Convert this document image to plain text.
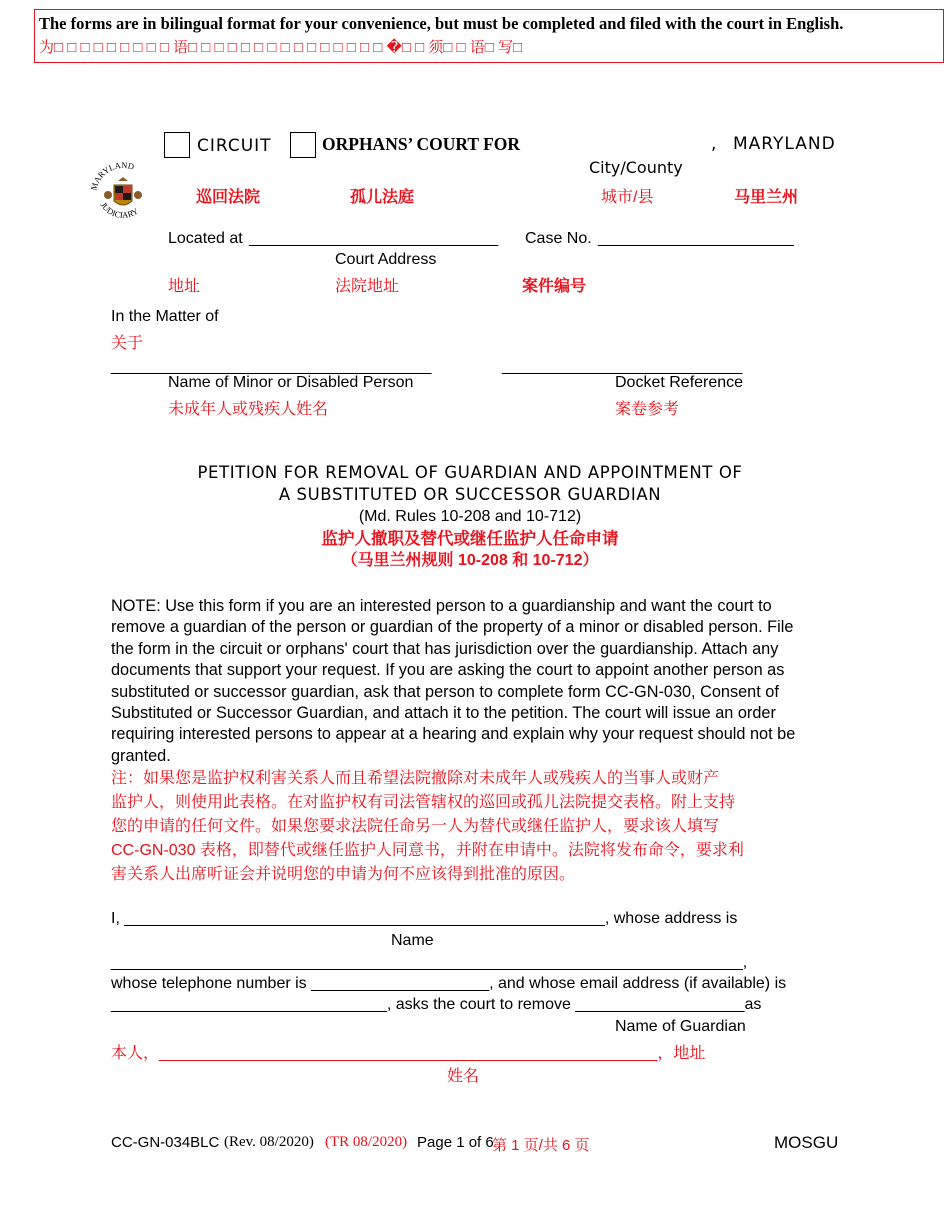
The forms are in bilingual format for your convenience, but must be completed and filed with the court in English.
为□ □ □ □ □ □ □ □ □ 语□ □ □ □ □ □ □ □ □ □ □ □ □ □ □ �□ □ 须□ □ 语□ 写□
CIRCUIT	ORPHANS’ COURT FOR	, MARYLAND
City/County
MARYLAND
JUDICIARY
巡回法院	孤儿法庭	城市/县	马里兰州
Located at ____________________________ Case No. ______________________
Court Address
地址	法院地址	案件编号
In the Matter of
关于
____________________________________	___________________________
Name of Minor or Disabled Person	Docket Reference
未成年人或残疾人姓名	案卷参考
PETITION FOR REMOVAL OF GUARDIAN AND APPOINTMENT OF
A SUBSTITUTED OR SUCCESSOR GUARDIAN
(Md. Rules 10-208 and 10-712)
监护人撤职及替代或继任监护人任命申请
（马里兰州规则 10-208 和 10-712）
NOTE: Use this form if you are an interested person to a guardianship and want the court to
remove a guardian of the person or guardian of the property of a minor or disabled person. File
the form in the circuit or orphans' court that has jurisdiction over the guardianship. Attach any
documents that support your request. If you are asking the court to appoint another person as
substituted or successor guardian, ask that person to complete form CC-GN-030, Consent of
Substituted or Successor Guardian, and attach it to the petition. The court will issue an order
requiring interested persons to appear at a hearing and explain why your request should not be
granted.
注：如果您是监护权利害关系人而且希望法院撤除对未成年人或残疾人的当事人或财产
监护人，则使用此表格。在对监护权有司法管辖权的巡回或孤儿法院提交表格。附上支持
您的申请的任何文件。如果您要求法院任命另一人为替代或继任监护人，要求该人填写
CC-GN-030 表格，即替代或继任监护人同意书，并附在申请中。法院将发布命令，要求利
害关系人出席听证会并说明您的申请为何不应该得到批准的原因。
I, ______________________________________________________, whose address is
Name
_______________________________________________________________________,
whose telephone number is ____________________, and whose email address (if available) is
_______________________________, asks the court to remove ___________________as
Name of Guardian
本人，________________________________________________________，地址
姓名
CC-GN-034BLC (Rev. 08/2020) (TR 08/2020) Page 1 of 6
第 1 页/共 6 页	MOSGU
